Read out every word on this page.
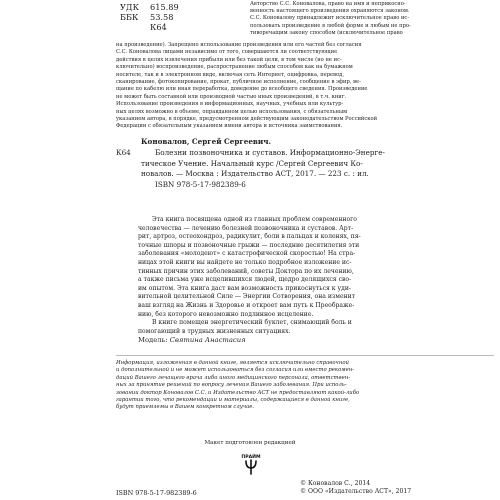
УДК	615.89
ББК	53.58
К64
Авторство С.С. Коновалова, право на имя и неприкосно-
венность настоящего произведения охраняются законом.
С.С. Коновалову принадлежит исключительное право ис-
пользовать произведение в любой форме и любым не про-
тиворечащим закону способом (исключительное право
на произведение). Запрещено использование произведения или его частей без согласия
С.С. Коновалова лицами независимо от того, совершаются ли соответствующие
действия в целях извлечения прибыли или без такой цели, в том числе (но не ис-
ключительно) воспроизведение, распространение любым способом как на бумажном
носителе, так и в электронном виде, включая сеть Интернет, оцифровка, перевод,
сканирование, фотокопирование, прокат, публичное исполнение, сообщение в эфир, ве-
щание по кабелю или иная переработка, доведение до всеобщего сведения. Произведение
не может быть составной или производной частью иных произведений, в т.ч. книг.
Использование произведения в информационных, научных, учебных или культур-
ных целях возможно в объеме, оправданном целью использования, с обязательным
указанием автора, в порядке, предусмотренном действующим законодательством Российской
Федерации с обязательным указанием имени автора и источника заимствования.
Коновалов, Сергей Сергеевич.
К64	Болезни позвоночника и суставов. Информационно-Энерге-
тическое Учение. Начальный курс /Сергей Сергеевич Ко-
новалов. — Москва : Издательство АСТ, 2017. — 223 с. : ил.
ISBN 978-5-17-982389-6
Эта книга посвящена одной из главных проблем современного
человечества — лечению болезней позвоночника и суставов. Арт-
рит, артроз, остеохондроз, радикулит, боли в пальцах и коленях, пя-
точные шпоры и позвоночные грыжи — последние десятилетия эти
заболевания «молодеют» с катастрофической скоростью! На стра-
ницах этой книги вы найдете не только подробное изложение ис-
тинных причин этих заболеваний, советы Доктора по их лечению,
а также письма уже исцелившихся людей, щедро делящихся сво-
им опытом. Эта книга даст вам возможность прикоснуться к уди-
вительной целительной Силе — Энергии Сотворения, она изменит
ваш взгляд на Жизнь и Здоровье и откроет вам путь к Преображе-
нию, без которого невозможно подлинное исцеление.
В книге помещен энергетический буклет, снимающий боль и
помогающий в трудных жизненных ситуациях.
Модель: Святина Анастасия
Информация, изложенная в данной книге, является исключительно справочной
и дополнительной и не может использоваться без согласия или вместо рекомен-
даций Вашего лечащего врача либо иного медицинского персонала, ответствен-
ных за принятие решений по вопросу лечения Вашего заболевания. При исполь-
зовании доктор Коновалов С.С. и Издательство АСТ не предоставляют какой-либо
гарантии того, что рекомендации и материалы, содержащиеся в данной книге,
будут приемлемы в Вашем конкретном случае.
Макет подготовлен редакцией
ПРАЙМ
ISBN 978-5-17-982389-6
© Коновалов С., 2014
© ООО «Издательство АСТ», 2017
